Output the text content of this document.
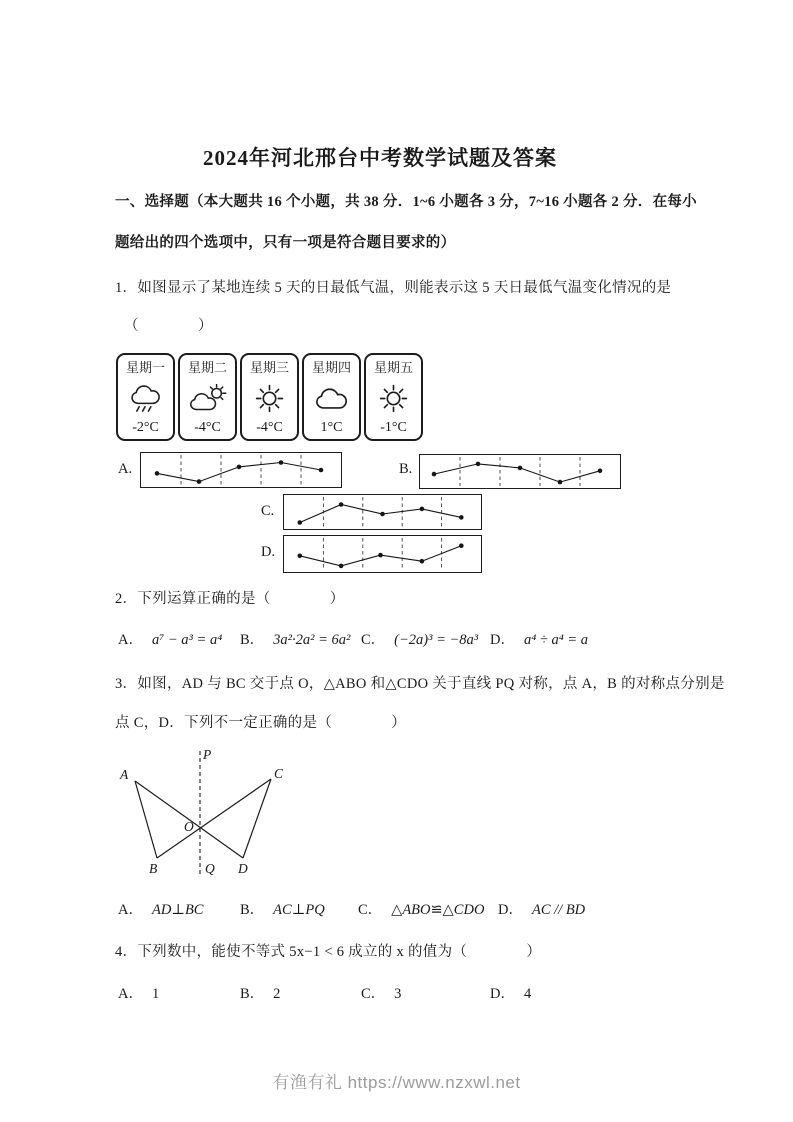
2024年河北邢台中考数学试题及答案
一、选择题（本大题共 16 个小题，共 38 分．1~6 小题各 3 分，7~16 小题各 2 分．在每小
题给出的四个选项中，只有一项是符合题目要求的）
1．如图显示了某地连续 5 天的日最低气温，则能表示这 5 天日最低气温变化情况的是
（　　　　）
星期一
-2°C
星期二
-4°C
星期三
-4°C
星期四
1°C
星期五
-1°C
A.	B.
C.
D.
2．下列运算正确的是（　　　　）
A． a⁷ − a³ = a⁴ B． 3a²·2a² = 6a² C． (−2a)³ = −8a³ D． a⁴ ÷ a⁴ = a
3．如图，AD 与 BC 交于点 O，△ABO 和△CDO 关于直线 PQ 对称，点 A，B 的对称点分别是
点 C，D．下列不一定正确的是（　　　　）
P
A	C
O
B	Q D
A． AD⊥BC	B． AC⊥PQ C． △ABO≌△CDO D． AC // BD
4．下列数中，能使不等式 5x−1 < 6 成立的 x 的值为（　　　　）
A． 1	B． 2	C． 3	D． 4
有渔有礼 https://www.nzxwl.net
